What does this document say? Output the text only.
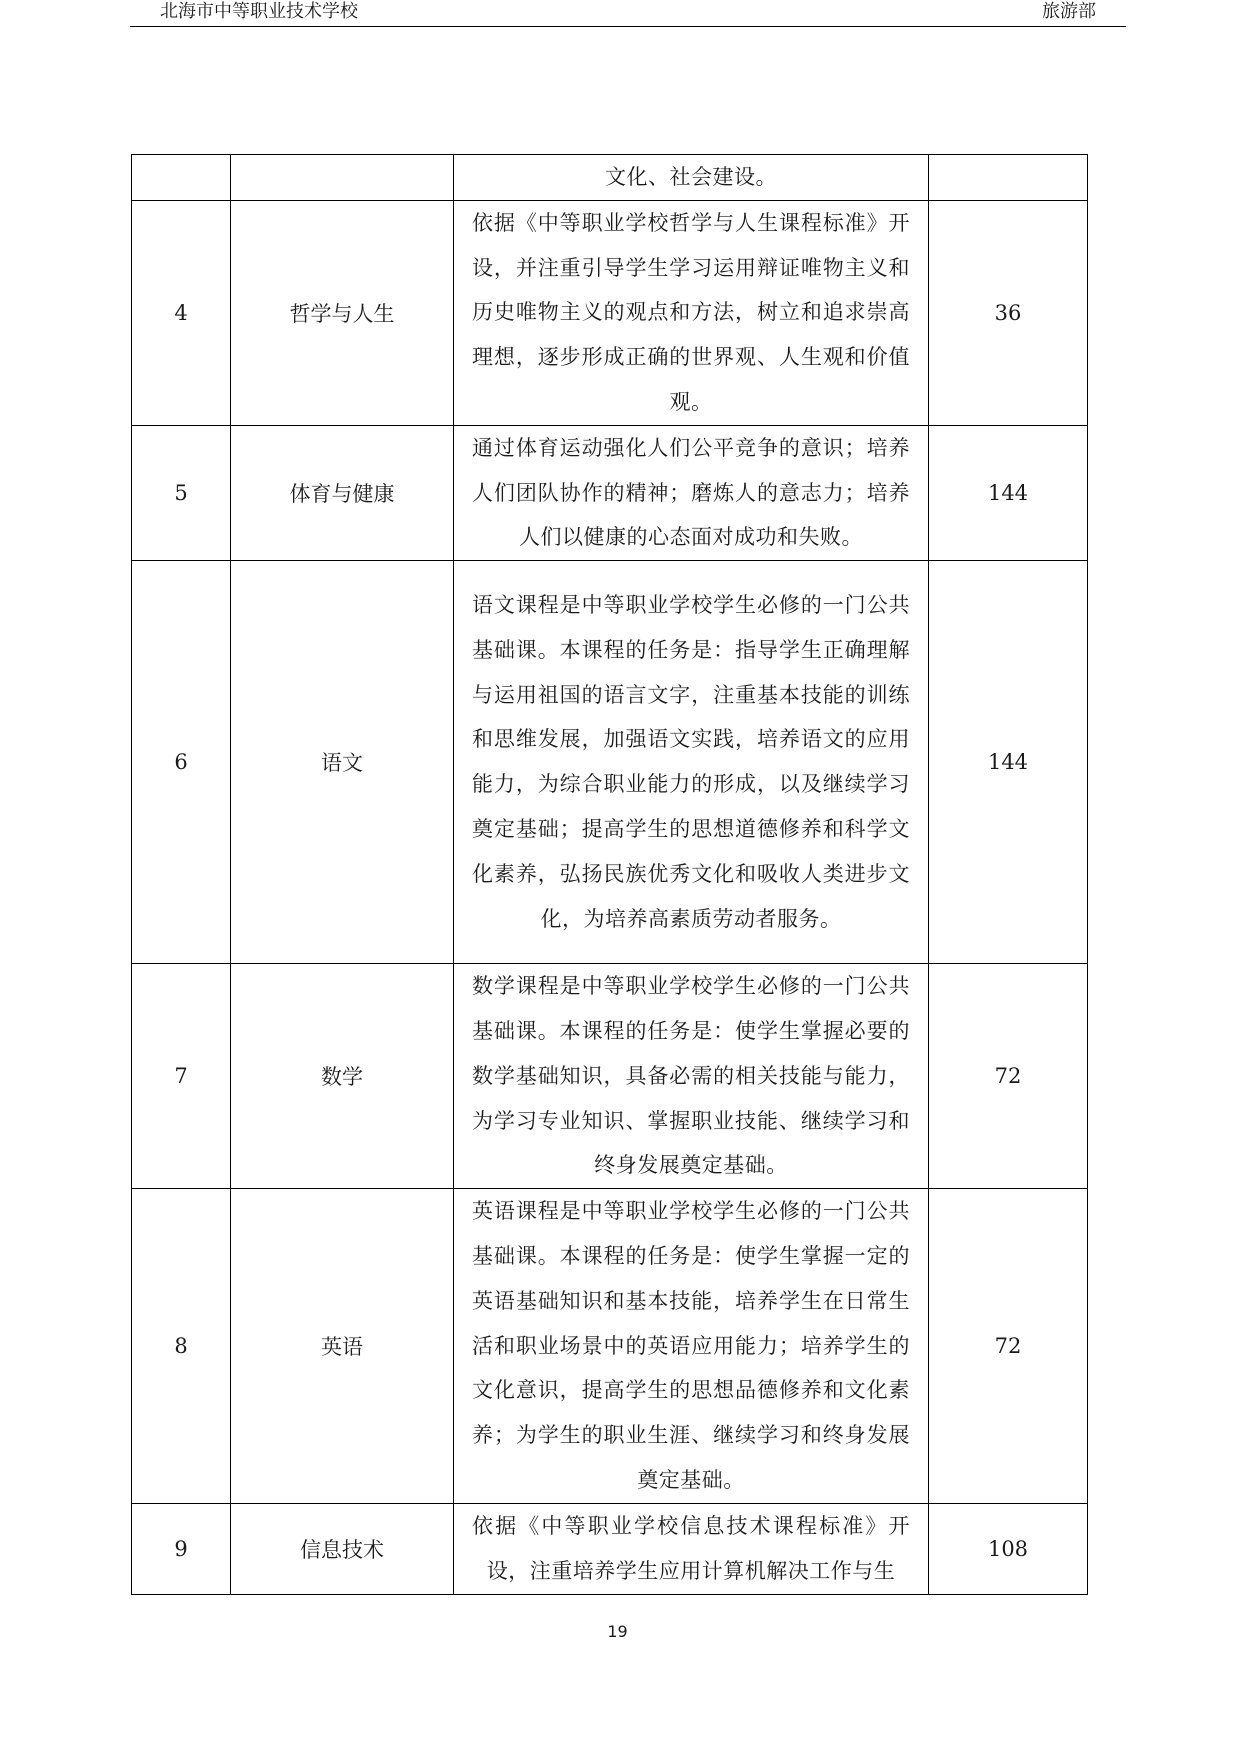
北海市中等职业技术学校	旅游部

		文化、社会建设。	

4	哲学与人生	依据《中等职业学校哲学与人生课程标准》开设，并注重引导学生学习运用辩证唯物主义和历史唯物主义的观点和方法，树立和追求崇高理想，逐步形成正确的世界观、人生观和价值观。	36
5	体育与健康	通过体育运动强化人们公平竞争的意识；培养人们团队协作的精神；磨炼人的意志力；培养人们以健康的心态面对成功和失败。	144
6	语文	语文课程是中等职业学校学生必修的一门公共基础课。本课程的任务是：指导学生正确理解与运用祖国的语言文字，注重基本技能的训练和思维发展，加强语文实践，培养语文的应用能力，为综合职业能力的形成，以及继续学习奠定基础；提高学生的思想道德修养和科学文化素养，弘扬民族优秀文化和吸收人类进步文化，为培养高素质劳动者服务。	144
7	数学	数学课程是中等职业学校学生必修的一门公共基础课。本课程的任务是：使学生掌握必要的数学基础知识，具备必需的相关技能与能力，为学习专业知识、掌握职业技能、继续学习和终身发展奠定基础。	72
8	英语	英语课程是中等职业学校学生必修的一门公共基础课。本课程的任务是：使学生掌握一定的英语基础知识和基本技能，培养学生在日常生活和职业场景中的英语应用能力；培养学生的文化意识，提高学生的思想品德修养和文化素养；为学生的职业生涯、继续学习和终身发展奠定基础。	72
9	信息技术	依据《中等职业学校信息技术课程标准》开设，注重培养学生应用计算机解决工作与生	108
19
